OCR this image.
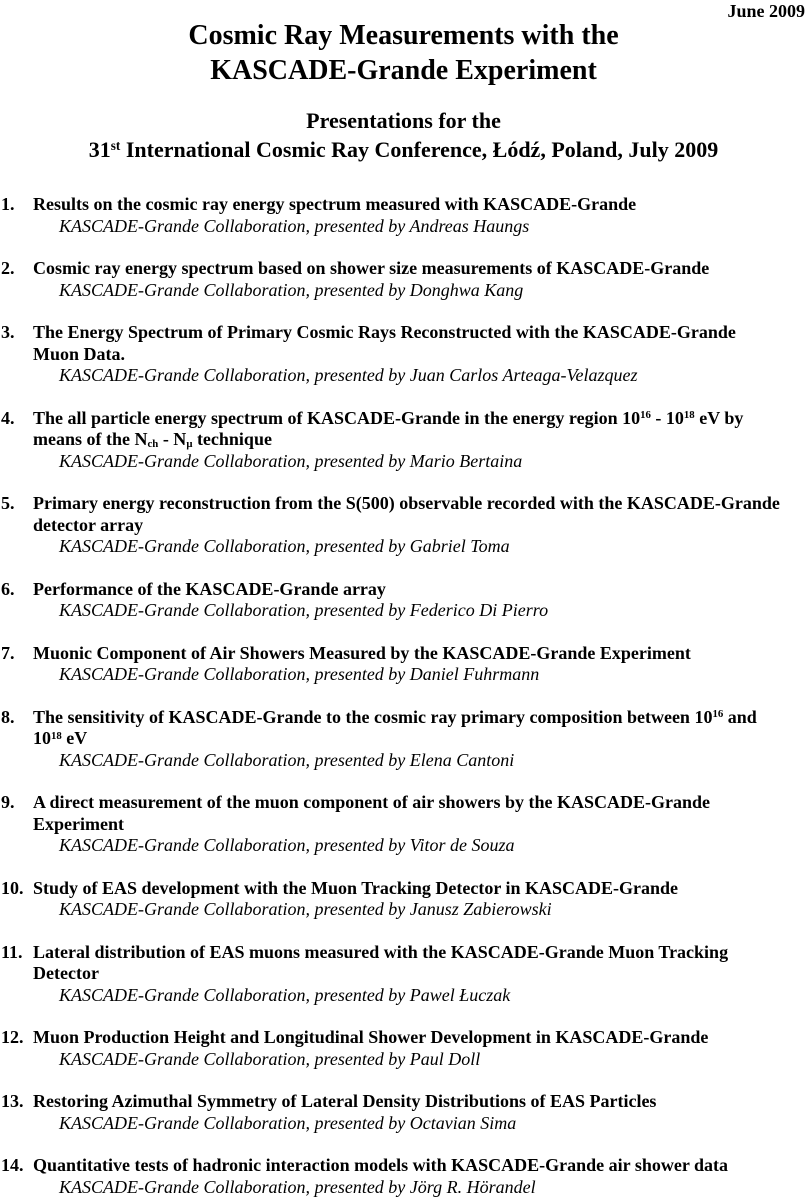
June 2009
Cosmic Ray Measurements with the
KASCADE-Grande Experiment
Presentations for the
31st International Cosmic Ray Conference, Łódź, Poland, July 2009
1. Results on the cosmic ray energy spectrum measured with KASCADE-Grande
KASCADE-Grande Collaboration, presented by Andreas Haungs
2. Cosmic ray energy spectrum based on shower size measurements of KASCADE-Grande
KASCADE-Grande Collaboration, presented by Donghwa Kang
3. The Energy Spectrum of Primary Cosmic Rays Reconstructed with the KASCADE-Grande
Muon Data.
KASCADE-Grande Collaboration, presented by Juan Carlos Arteaga-Velazquez
4. The all particle energy spectrum of KASCADE-Grande in the energy region $10^{16} - 10^{18}$ eV by
means of the $N_{ch} - N_\mu$ technique
KASCADE-Grande Collaboration, presented by Mario Bertaina
5. Primary energy reconstruction from the S(500) observable recorded with the KASCADE-Grande
detector array
KASCADE-Grande Collaboration, presented by Gabriel Toma
6. Performance of the KASCADE-Grande array
KASCADE-Grande Collaboration, presented by Federico Di Pierro
7. Muonic Component of Air Showers Measured by the KASCADE-Grande Experiment
KASCADE-Grande Collaboration, presented by Daniel Fuhrmann
8. The sensitivity of KASCADE-Grande to the cosmic ray primary composition between $10^{16}$ and
$10^{18}$ eV
KASCADE-Grande Collaboration, presented by Elena Cantoni
9. A direct measurement of the muon component of air showers by the KASCADE-Grande
Experiment
KASCADE-Grande Collaboration, presented by Vitor de Souza
10. Study of EAS development with the Muon Tracking Detector in KASCADE-Grande
KASCADE-Grande Collaboration, presented by Janusz Zabierowski
11. Lateral distribution of EAS muons measured with the KASCADE-Grande Muon Tracking
Detector
KASCADE-Grande Collaboration, presented by Pawel Łuczak
12. Muon Production Height and Longitudinal Shower Development in KASCADE-Grande
KASCADE-Grande Collaboration, presented by Paul Doll
13. Restoring Azimuthal Symmetry of Lateral Density Distributions of EAS Particles
KASCADE-Grande Collaboration, presented by Octavian Sima
14. Quantitative tests of hadronic interaction models with KASCADE-Grande air shower data
KASCADE-Grande Collaboration, presented by Jörg R. Hörandel
